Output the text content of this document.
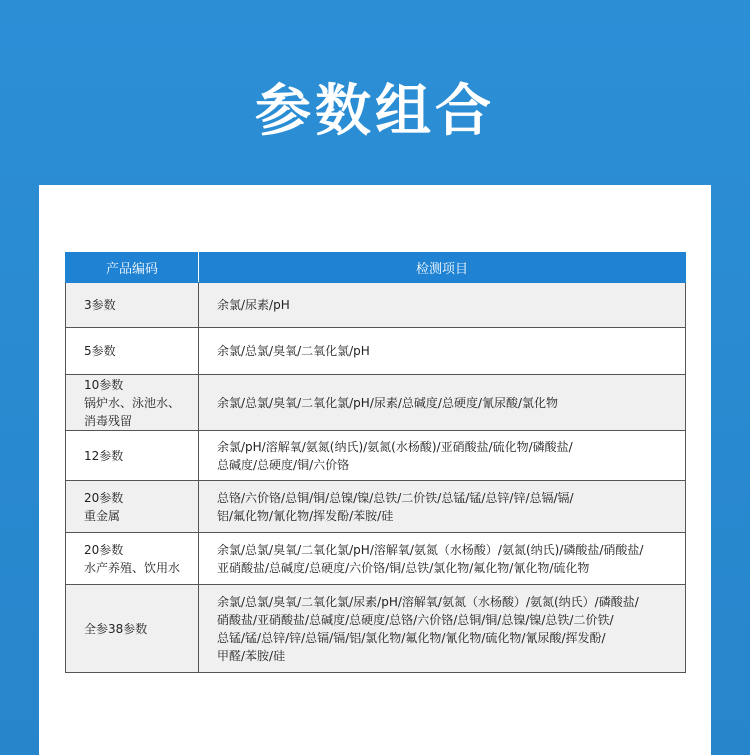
参数组合
产品编码	检测项目

3参数	余氯/尿素/pH

5参数	余氯/总氯/臭氧/二氧化氯/pH

10参数
锅炉水、泳池水、
消毒残留	余氯/总氯/臭氧/二氧化氯/pH/尿素/总碱度/总硬度/氰尿酸/氯化物

12参数	余氯/pH/溶解氧/氨氮(纳氏)/氨氮(水杨酸)/亚硝酸盐/硫化物/磷酸盐/
总碱度/总硬度/铜/六价铬

20参数
重金属	总铬/六价铬/总铜/铜/总镍/镍/总铁/二价铁/总锰/锰/总锌/锌/总镉/镉/
铝/氟化物/氰化物/挥发酚/苯胺/硅

20参数
水产养殖、饮用水	余氯/总氯/臭氧/二氧化氯/pH/溶解氧/氨氮（水杨酸）/氨氮(纳氏)/磷酸盐/硝酸盐/
亚硝酸盐/总碱度/总硬度/六价铬/铜/总铁/氯化物/氟化物/氰化物/硫化物

全参38参数	余氯/总氯/臭氧/二氧化氯/尿素/pH/溶解氧/氨氮（水杨酸）/氨氮(纳氏）/磷酸盐/
硝酸盐/亚硝酸盐/总碱度/总硬度/总铬/六价铬/总铜/铜/总镍/镍/总铁/二价铁/
总锰/锰/总锌/锌/总镉/镉/铝/氯化物/氟化物/氰化物/硫化物/氰尿酸/挥发酚/
甲醛/苯胺/硅
